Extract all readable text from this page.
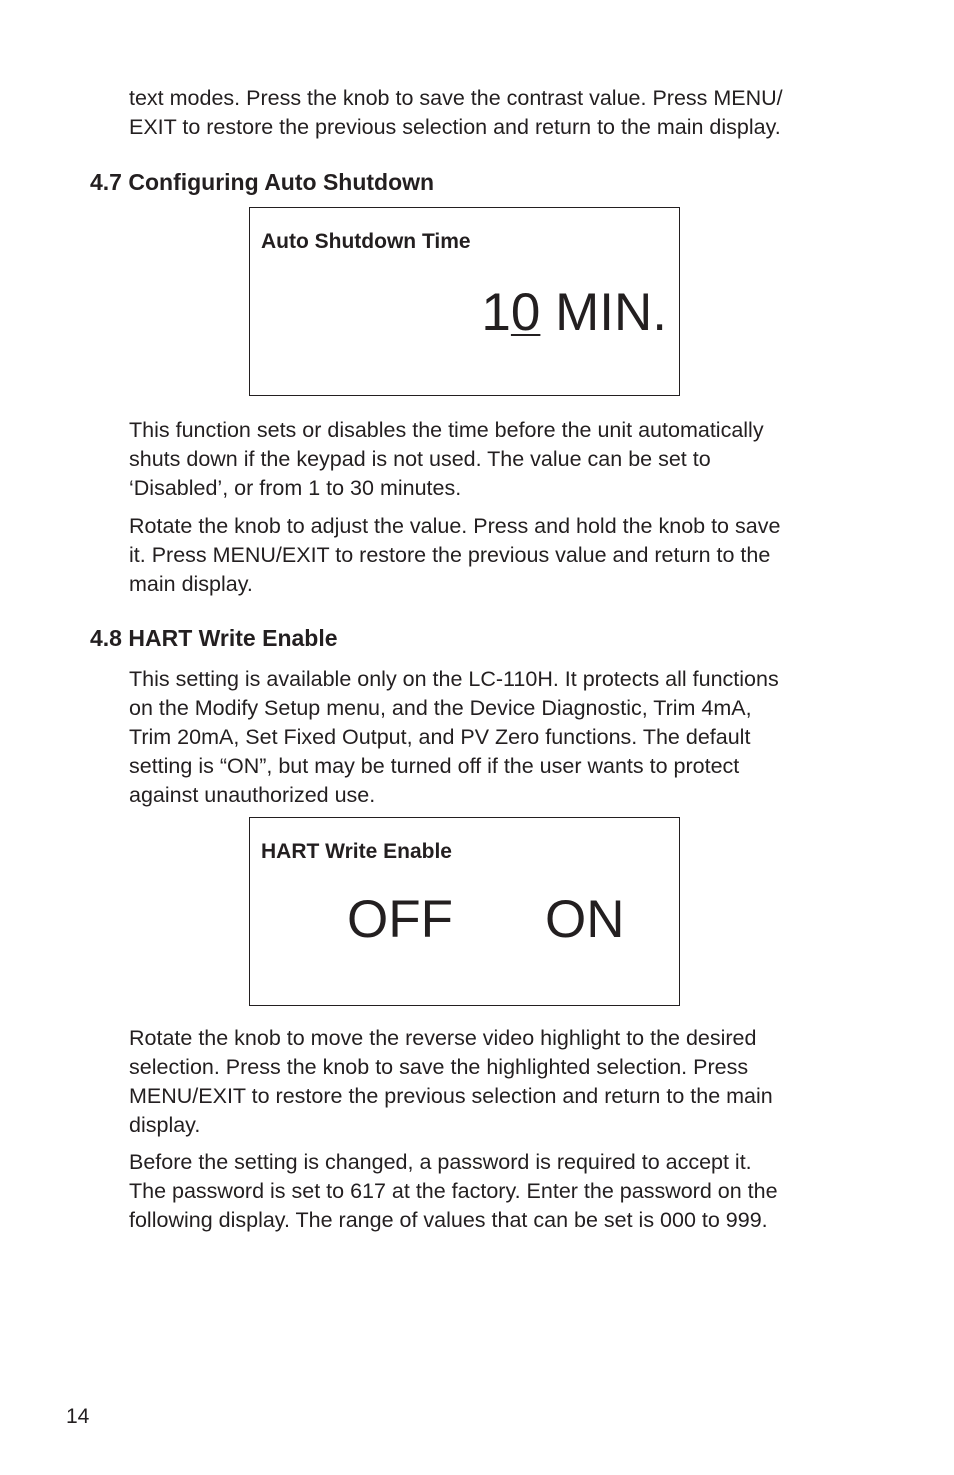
text modes. Press the knob to save the contrast value. Press MENU/
EXIT to restore the previous selection and return to the main display.

4.7 Configuring Auto Shutdown
Auto Shutdown Time
10 MIN.

This function sets or disables the time before the unit automatically
shuts down if the keypad is not used. The value can be set to
‘Disabled’, or from 1 to 30 minutes.

Rotate the knob to adjust the value. Press and hold the knob to save
it. Press MENU/EXIT to restore the previous value and return to the
main display.

4.8 HART Write Enable

This setting is available only on the LC-110H. It protects all functions
on the Modify Setup menu, and the Device Diagnostic, Trim 4mA,
Trim 20mA, Set Fixed Output, and PV Zero functions. The default
setting is “ON”, but may be turned off if the user wants to protect
against unauthorized use.

HART Write Enable
OFF ON

Rotate the knob to move the reverse video highlight to the desired
selection. Press the knob to save the highlighted selection. Press
MENU/EXIT to restore the previous selection and return to the main
display.

Before the setting is changed, a password is required to accept it.
The password is set to 617 at the factory. Enter the password on the
following display. The range of values that can be set is 000 to 999.

14
